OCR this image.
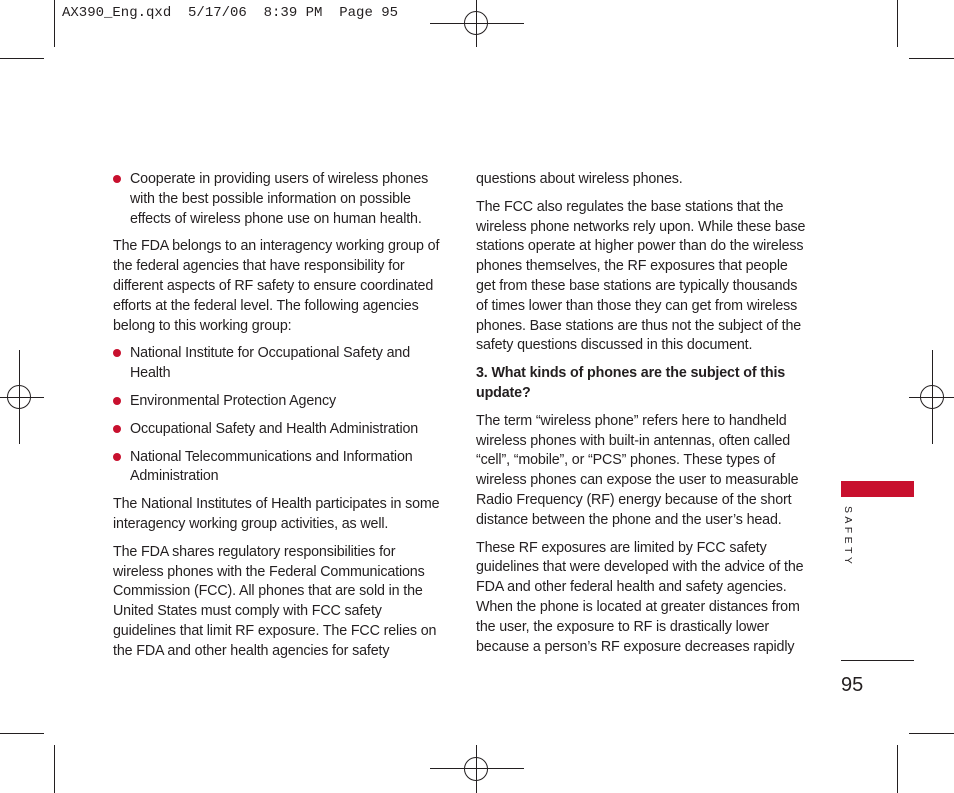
AX390_Eng.qxd  5/17/06  8:39 PM  Page 95
Cooperate in providing users of wireless phones with the best possible information on possible effects of wireless phone use on human health.

The FDA belongs to an interagency working group of the federal agencies that have responsibility for different aspects of RF safety to ensure coordinated efforts at the federal level. The following agencies belong to this working group:

National Institute for Occupational Safety and Health
Environmental Protection Agency
Occupational Safety and Health Administration
National Telecommunications and Information Administration

The National Institutes of Health participates in some interagency working group activities, as well.

The FDA shares regulatory responsibilities for wireless phones with the Federal Communications Commission (FCC). All phones that are sold in the United States must comply with FCC safety guidelines that limit RF exposure. The FCC relies on the FDA and other health agencies for safety

questions about wireless phones.

The FCC also regulates the base stations that the wireless phone networks rely upon. While these base stations operate at higher power than do the wireless phones themselves, the RF exposures that people get from these base stations are typically thousands of times lower than those they can get from wireless phones. Base stations are thus not the subject of the safety questions discussed in this document.

3. What kinds of phones are the subject of this update?

The term “wireless phone” refers here to handheld wireless phones with built-in antennas, often called “cell”, “mobile”, or “PCS” phones. These types of wireless phones can expose the user to measurable Radio Frequency (RF) energy because of the short distance between the phone and the user’s head.

These RF exposures are limited by FCC safety guidelines that were developed with the advice of the FDA and other federal health and safety agencies. When the phone is located at greater distances from the user, the exposure to RF is drastically lower because a person’s RF exposure decreases rapidly

SAFETY
95
